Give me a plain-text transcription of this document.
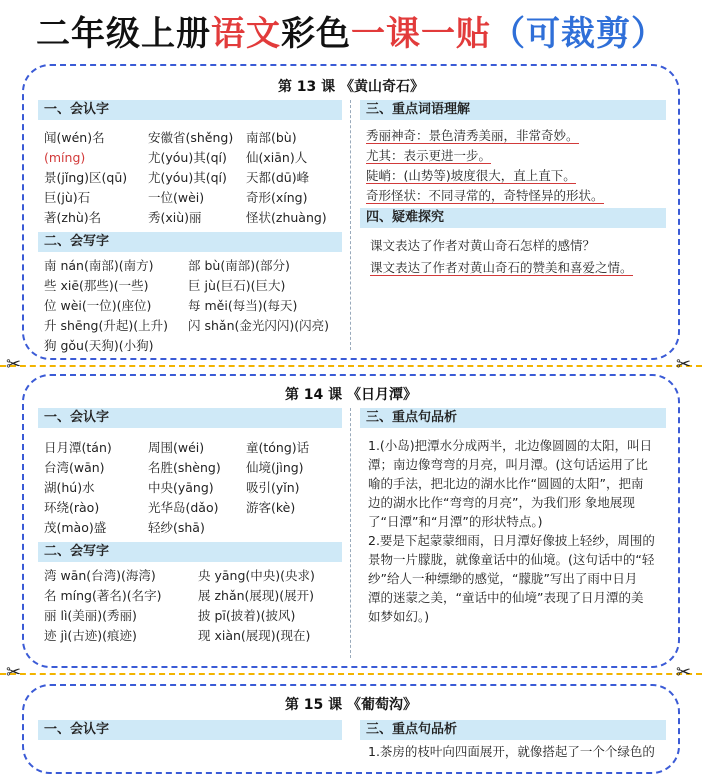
二年级上册语文彩色一课一贴（可裁剪）
第 13 课 《黄山奇石》
一、会认字
闻(wén)名	安徽省(shěng) 南部(bù)
(míng)	尤(yóu)其(qí) 仙(xiān)人
景(jǐng)区(qū) 尤(yóu)其(qí) 天都(dū)峰
巨(jù)石	一位(wèi)	奇形(xíng)
著(zhù)名	秀(xiù)丽	怪状(zhuàng)
二、会写字
南 nán(南部)(南方)	部 bù(南部)(部分)
些 xiē(那些)(一些)	巨 jù(巨石)(巨大)
位 wèi(一位)(座位)	每 měi(每当)(每天)
升 shēng(升起)(上升) 闪 shǎn(金光闪闪)(闪亮)
狗 gǒu(天狗)(小狗)
三、重点词语理解
秀丽神奇：景色清秀美丽，非常奇妙。
尤其：表示更进一步。
陡峭：(山势等)坡度很大，直上直下。
奇形怪状：不同寻常的，奇特怪异的形状。
四、疑难探究
课文表达了作者对黄山奇石怎样的感情？
课文表达了作者对黄山奇石的赞美和喜爱之情。
✂	✂
第 14 课 《日月潭》
一、会认字
日月潭(tán)	周围(wéi)	童(tóng)话
台湾(wān)	名胜(shèng) 仙境(jìng)
湖(hú)水	中央(yāng)	吸引(yǐn)
环绕(rào)	光华岛(dǎo) 游客(kè)
茂(mào)盛	轻纱(shā)
二、会写字
湾 wān(台湾)(海湾)	央 yāng(中央)(央求)
名 míng(著名)(名字)	展 zhǎn(展现)(展开)
丽 lì(美丽)(秀丽)	披 pī(披着)(披风)
迹 jì(古迹)(痕迹)	现 xiàn(展现)(现在)
三、重点句品析
1.(小岛)把潭水分成两半，北边像圆圆的太阳，叫日
潭；南边像弯弯的月亮，叫月潭。(这句话运用了比
喻的手法，把北边的湖水比作“圆圆的太阳”，把南
边的湖水比作“弯弯的月亮”，为我们形 象地展现
了“日潭”和“月潭”的形状特点。)
2.要是下起蒙蒙细雨，日月潭好像披上轻纱，周围的
景物一片朦胧，就像童话中的仙境。(这句话中的“轻
纱”给人一种缥缈的感觉，“朦胧”写出了雨中日月
潭的迷蒙之美，“童话中的仙境”表现了日月潭的美
如梦如幻。)
✂	✂
第 15 课 《葡萄沟》
一、会认字	三、重点句品析
1.茶房的枝叶向四面展开，就像搭起了一个个绿色的
